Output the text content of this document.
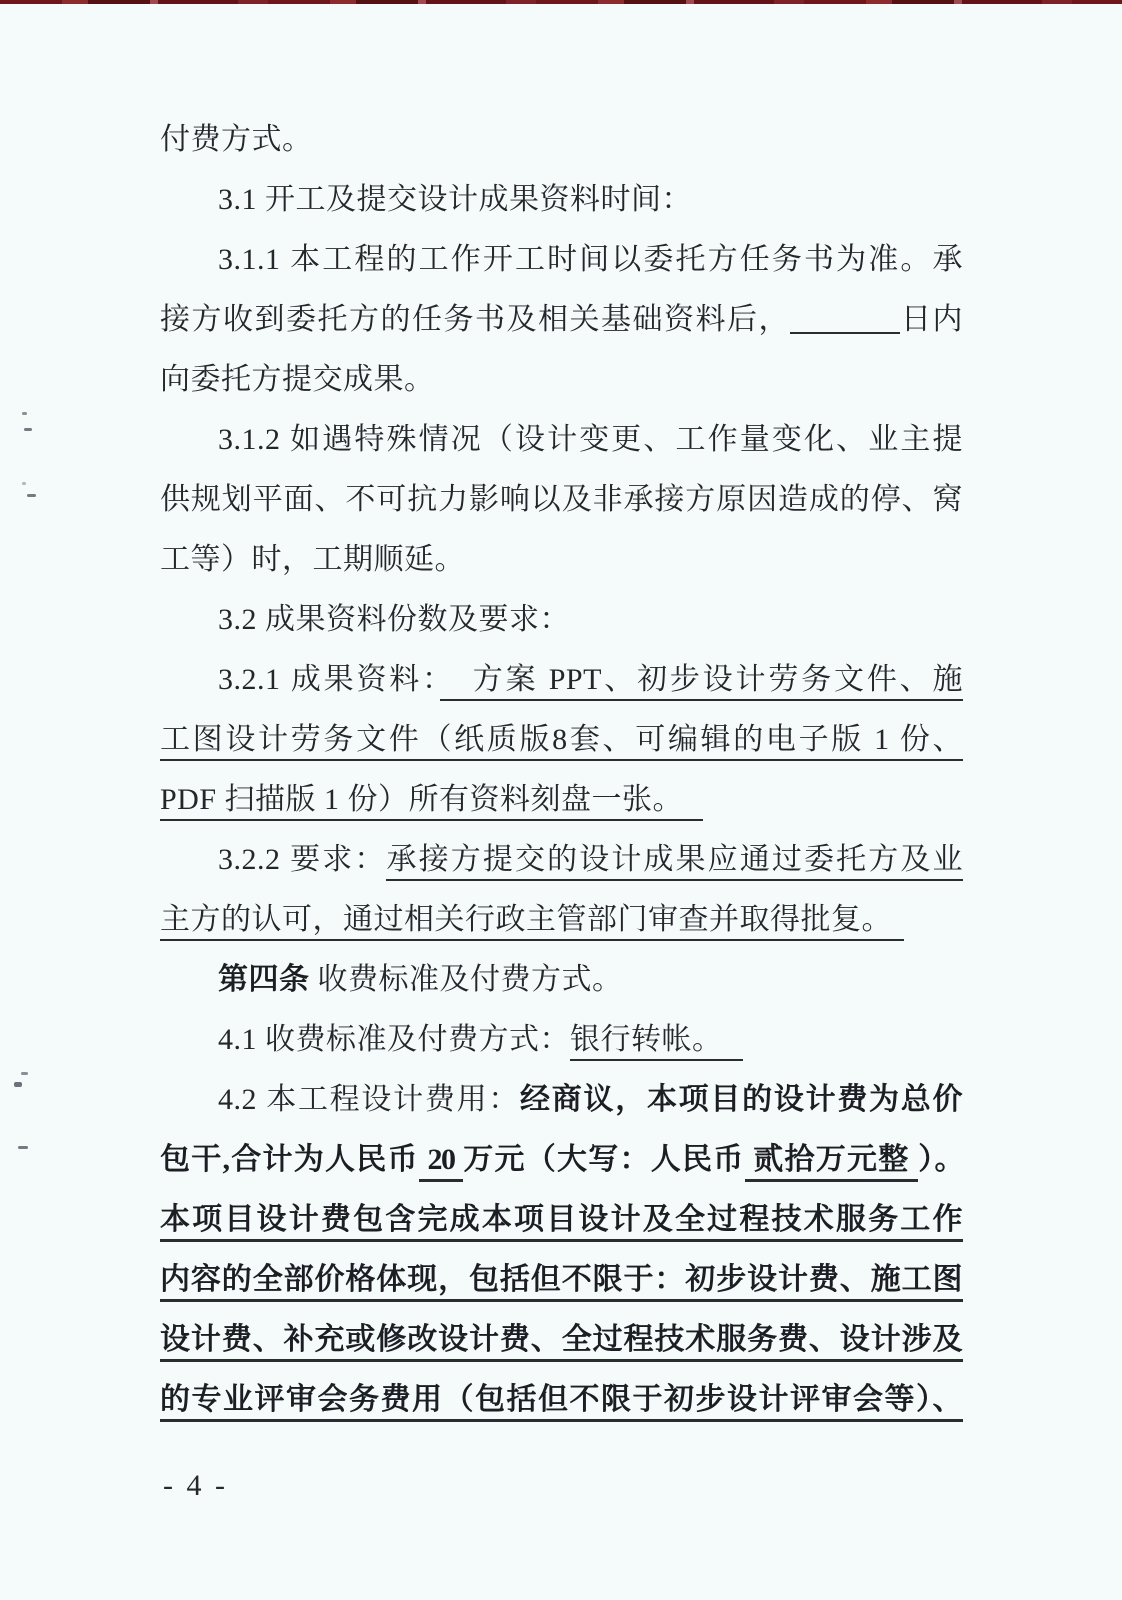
付费方式。
3.1 开工及提交设计成果资料时间：
3.1.1 本工程的工作开工时间以委托方任务书为准。承
接方收到委托方的任务书及相关基础资料后，	日内
向委托方提交成果。
3.1.2 如遇特殊情况（设计变更、工作量变化、业主提
供规划平面、不可抗力影响以及非承接方原因造成的停、窝
工等）时，工期顺延。
3.2 成果资料份数及要求：
3.2.1 成果资料：　方案 PPT、初步设计劳务文件、施
工图设计劳务文件（纸质版8套、可编辑的电子版 1 份、
PDF 扫描版 1 份）所有资料刻盘一张。
3.2.2 要求：承接方提交的设计成果应通过委托方及业
主方的认可，通过相关行政主管部门审查并取得批复。
第四条 收费标准及付费方式。
4.1 收费标准及付费方式：银行转帐。
4.2 本工程设计费用：经商议，本项目的设计费为总价
包干,合计为人民币 20 万元（大写：人民币 贰拾万元整 ）。
本项目设计费包含完成本项目设计及全过程技术服务工作
内容的全部价格体现，包括但不限于：初步设计费、施工图
设计费、补充或修改设计费、全过程技术服务费、设计涉及
的专业评审会务费用（包括但不限于初步设计评审会等）、
- 4 -
